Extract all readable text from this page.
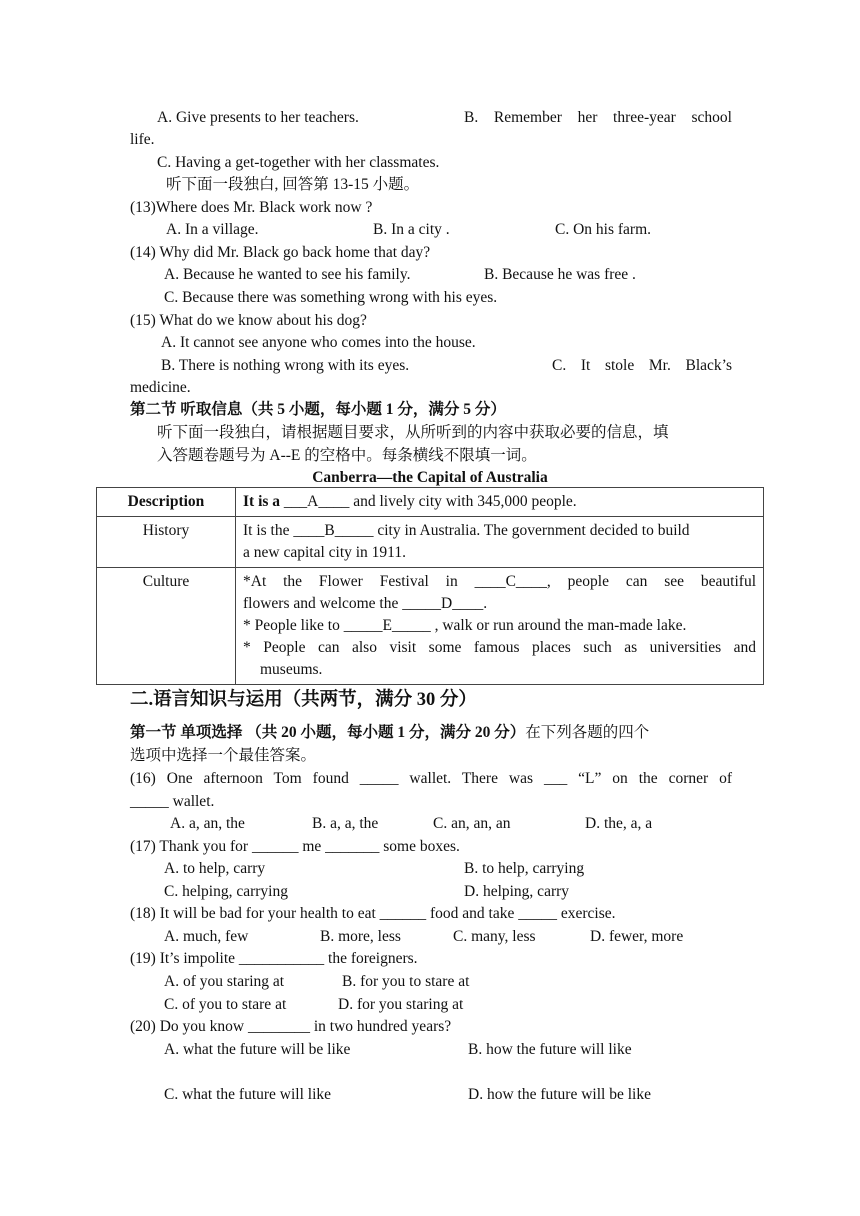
A. Give presents to her teachers.	B. Remember her three-year school
life.
C. Having a get-together with her classmates.
听下面一段独白, 回答第 13-15 小题。
(13)Where does Mr. Black work now ?
A. In a village.	B. In a city .	C. On his farm.
(14) Why did Mr. Black go back home that day?
A. Because he wanted to see his family.	B. Because he was free .
C. Because there was something wrong with his eyes.
(15) What do we know about his dog?
A. It cannot see anyone who comes into the house.
B. There is nothing wrong with its eyes.	C. It stole Mr. Black’s
medicine.
第二节 听取信息（共 5 小题，每小题 1 分，满分 5 分）
听下面一段独白，请根据题目要求，从所听到的内容中获取必要的信息，填
入答题卷题号为 A--E 的空格中。每条横线不限填一词。
Canberra—the Capital of Australia
Description	It is a ___A____ and lively city with 345,000 people.
History	It is the ____B_____ city in Australia. The government decided to build
a new capital city in 1911.

Culture	*At the Flower Festival in ____C____, people can see beautiful
flowers and welcome the _____D____.
* People like to _____E_____ , walk or run around the man-made lake.
* People can also visit some famous places such as universities and
museums.
二.语言知识与运用（共两节，满分 30 分）
第一节 单项选择 （共 20 小题，每小题 1 分，满分 20 分）在下列各题的四个
选项中选择一个最佳答案。
(16) One afternoon Tom found _____ wallet. There was ___ “L” on the corner of
_____ wallet.
A. a, an, the	B. a, a, the	C. an, an, an	D. the, a, a
(17) Thank you for ______ me _______ some boxes.
A. to help, carry	B. to help, carrying
C. helping, carrying	D. helping, carry
(18) It will be bad for your health to eat ______ food and take _____ exercise.
A. much, few	B. more, less	C. many, less	D. fewer, more
(19) It’s impolite ___________ the foreigners.
A. of you staring at	B. for you to stare at
C. of you to stare at	D. for you staring at
(20) Do you know ________ in two hundred years?
A. what the future will be like	B. how the future will like
C. what the future will like	D. how the future will be like
